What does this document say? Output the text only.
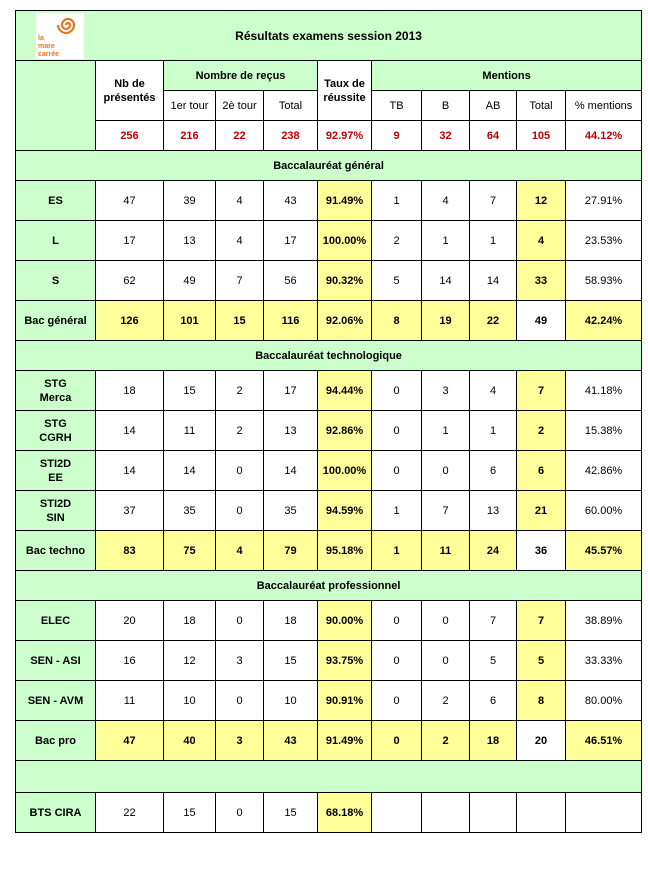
la
mare
carrée
Résultats examens session 2013										
	Nb de
présentés	Nombre de reçus			Taux de
réussite	Mentions				
		1er tour	2è tour	Total		TB	B	AB	Total	% mentions
	256	216	22	238	92.97%	9	32	64	105	44.12%
Baccalauréat général										
ES	47	39	4	43	91.49%	1	4	7	12	27.91%
L	17	13	4	17	100.00%	2	1	1	4	23.53%
S	62	49	7	56	90.32%	5	14	14	33	58.93%
Bac général	126	101	15	116	92.06%	8	19	22	49	42.24%
Baccalauréat technologique										
STG
Merca	18	15	2	17	94.44%	0	3	4	7	41.18%
STG
CGRH	14	11	2	13	92.86%	0	1	1	2	15.38%
STI2D
EE	14	14	0	14	100.00%	0	0	6	6	42.86%
STI2D
SIN	37	35	0	35	94.59%	1	7	13	21	60.00%
Bac techno	83	75	4	79	95.18%	1	11	24	36	45.57%
Baccalauréat professionnel										
ELEC	20	18	0	18	90.00%	0	0	7	7	38.89%
SEN - ASI	16	12	3	15	93.75%	0	0	5	5	33.33%
SEN - AVM	11	10	0	10	90.91%	0	2	6	8	80.00%
Bac pro	47	40	3	43	91.49%	0	2	18	20	46.51%

BTS CIRA	22	15	0	15	68.18%					
